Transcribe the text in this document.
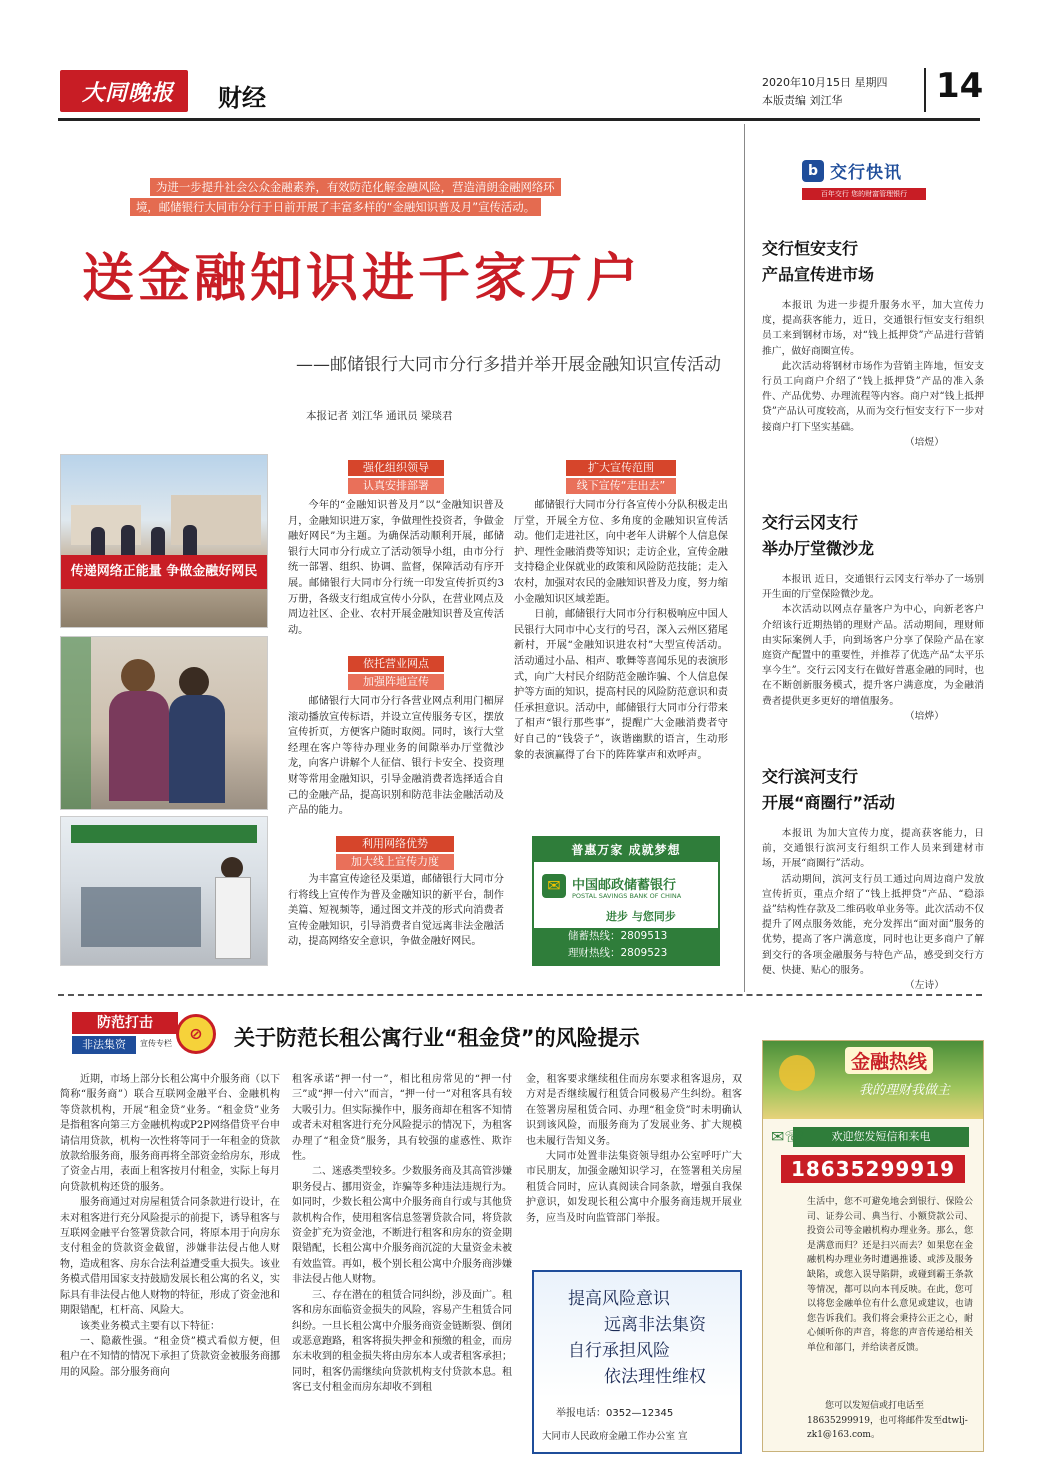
大同晚报 财经
2020年10月15日 星期四
本版责编 刘江华	14
为进一步提升社会公众金融素养，有效防范化解金融风险，营造清朗金融网络环 境，邮储银行大同市分行于日前开展了丰富多样的“金融知识普及月”宣传活动。
送金融知识进千家万户
——邮储银行大同市分行多措并举开展金融知识宣传活动
本报记者 刘江华 通讯员 梁琰君
传递网络正能量 争做金融好网民
强化组织领导
认真安排部署

今年的“金融知识普及月”以“金融知识普及月，金融知识进万家，争做理性投资者，争做金融好网民”为主题。为确保活动顺利开展，邮储银行大同市分行成立了活动领导小组，由市分行统一部署、组织、协调、监督，保障活动有序开展。邮储银行大同市分行统一印发宣传折页约3万册，各级支行组成宣传小分队，在营业网点及周边社区、企业、农村开展金融知识普及宣传活动。

依托营业网点
加强阵地宣传

邮储银行大同市分行各营业网点利用门楣屏滚动播放宣传标语，并设立宣传服务专区，摆放宣传折页，方便客户随时取阅。同时，该行大堂经理在客户等待办理业务的间隙举办厅堂微沙龙，向客户讲解个人征信、银行卡安全、投资理财等常用金融知识，引导金融消费者选择适合自己的金融产品，提高识别和防范非法金融活动及产品的能力。

利用网络优势
加大线上宣传力度

为丰富宣传途径及渠道，邮储银行大同市分行将线上宣传作为普及金融知识的新平台，制作美篇、短视频等，通过图文并茂的形式向消费者宣传金融知识，引导消费者自觉远离非法金融活动，提高网络安全意识，争做金融好网民。

扩大宣传范围
线下宣传“走出去”

邮储银行大同市分行各宣传小分队积极走出厅堂，开展全方位、多角度的金融知识宣传活动。他们走进社区，向中老年人讲解个人信息保护、理性金融消费等知识；走访企业，宣传金融支持稳企业保就业的政策和风险防范技能；走入农村，加强对农民的金融知识普及力度，努力缩小金融知识区域差距。

日前，邮储银行大同市分行积极响应中国人民银行大同市中心支行的号召，深入云州区猪尾新村，开展“金融知识进农村”大型宣传活动。活动通过小品、相声、歌舞等喜闻乐见的表演形式，向广大村民介绍防范金融诈骗、个人信息保护等方面的知识，提高村民的风险防范意识和责任承担意识。活动中，邮储银行大同市分行带来了相声“银行那些事”，提醒广大金融消费者守好自己的“钱袋子”，诙谐幽默的语言，生动形象的表演赢得了台下的阵阵掌声和欢呼声。

普惠万家 成就梦想
✉ 中国邮政储蓄银行
POSTAL SAVINGS BANK OF CHINA
进步 与您同步
储蓄热线：2809513
理财热线：2809523
b 交行快讯
百年交行 您的财富管理银行
交行恒安支行
产品宣传进市场

本报讯 为进一步提升服务水平，加大宣传力度，提高获客能力，近日，交通银行恒安支行组织员工来到钢材市场，对“钱上抵押贷”产品进行营销推广，做好商圈宣传。

此次活动将钢材市场作为营销主阵地，恒安支行员工向商户介绍了“钱上抵押贷”产品的准入条件、产品优势、办理流程等内容。商户对“钱上抵押贷”产品认可度较高，从而为交行恒安支行下一步对接商户打下坚实基础。

（培煜）
交行云冈支行
举办厅堂微沙龙

本报讯 近日，交通银行云冈支行举办了一场别开生面的厅堂保险微沙龙。

本次活动以网点存量客户为中心，向新老客户介绍该行近期热销的理财产品。活动期间，理财师由实际案例人手，向到场客户分享了保险产品在家庭资产配置中的重要性，并推荐了优选产品“太平乐享今生”。交行云冈支行在做好普惠金融的同时，也在不断创新服务模式，提升客户满意度，为金融消费者提供更多更好的增值服务。

（培烨）
交行滨河支行
开展“商圈行”活动

本报讯 为加大宣传力度，提高获客能力，日前，交通银行滨河支行组织工作人员来到建材市场，开展“商圈行”活动。

活动期间，滨河支行员工通过向周边商户发放宣传折页，重点介绍了“钱上抵押贷”产品、“稳添益”结构性存款及二维码收单业务等。此次活动不仅提升了网点服务效能，充分发挥出“面对面”服务的优势，提高了客户满意度，同时也让更多商户了解到交行的各项金融服务与特色产品，感受到交行方便、快捷、贴心的服务。

（左诗）
防范打击
非法集资	宣传专栏
⊘	关于防范长租公寓行业“租金贷”的风险提示

近期，市场上部分长租公寓中介服务商（以下简称“服务商”）联合互联网金融平台、金融机构等贷款机构，开展“租金贷”业务。“租金贷”业务是指租客向第三方金融机构或P2P网络借贷平台申请信用贷款，机构一次性将等同于一年租金的贷款放款给服务商，服务商再将全部资金给房东，形成了资金占用，表面上租客按月付租金，实际上每月向贷款机构还贷的服务。

服务商通过对房屋租赁合同条款进行设计，在未对租客进行充分风险提示的前提下，诱导租客与互联网金融平台签署贷款合同，将原本用于向房东支付租金的贷款资金截留，涉嫌非法侵占他人财物，造成租客、房东合法利益遭受重大损失。该业务模式借用国家支持鼓励发展长租公寓的名义，实际具有非法侵占他人财物的特征，形成了资金池和期限错配，杠杆高、风险大。

该类业务模式主要有以下特征：

一、隐蔽性强。“租金贷”模式看似方便，但租户在不知情的情况下承担了贷款资金被服务商挪用的风险。部分服务商向

租客承诺“押一付一”，相比租房常见的“押一付三”或“押一付六”而言，“押一付一”对租客具有较大吸引力。但实际操作中，服务商却在租客不知情或者未对租客进行充分风险提示的情况下，为租客办理了“租金贷”服务，具有较强的虚惑性、欺诈性。

二、迷惑类型较多。少数服务商及其高管涉嫌职务侵占、挪用资金，诈骗等多种违法违规行为。如同时，少数长租公寓中介服务商自行或与其他贷款机构合作，使用租客信息签署贷款合同，将贷款资金扩充为资金池，不断进行租客和房东的资金期限错配，长租公寓中介服务商沉淀的大量资金未被有效监管。再如，极个别长租公寓中介服务商涉嫌非法侵占他人财物。

三、存在潜在的租赁合同纠纷，涉及面广。租客和房东面临资金损失的风险，容易产生租赁合同纠纷。一旦长租公寓中介服务商资金链断裂、倒闭或恶意跑路，租客将损失押金和预缴的租金，而房东未收到的租金损失将由房东本人或者租客承担；同时，租客仍需继续向贷款机构支付贷款本息。租客已支付租金而房东却收不到租

金，租客要求继续租住而房东要求租客退房，双方对是否继续履行租赁合同极易产生纠纷。租客在签署房屋租赁合同、办理“租金贷”时未明确认识到该风险，而服务商为了发展业务、扩大规模也未履行告知义务。

大同市处置非法集资领导组办公室呼吁广大市民朋友，加强金融知识学习，在签署租关房屋租赁合同时，应认真阅读合同条款，增强自我保护意识，如发现长租公寓中介服务商违规开展业务，应当及时向监管部门举报。

提高风险意识
远离非法集资
自行承担风险
依法理性维权
举报电话：0352—12345
大同市人民政府金融工作办公室 宣
金融热线
我的理财我做主
欢迎您发短信和来电
✉☏
18635299919
生活中，您不可避免地会到银行、保险公司、证券公司、典当行、小额贷款公司、投资公司等金融机构办理业务。那么，您是满意而归？还是扫兴而去？如果您在金融机构办理业务时遭遇推诿、或涉及服务缺陷，或您入误导陷阱，或碰到霸王条款等情况，都可以向本刊反映。在此，您可以将您金融单位有什么意见或建议，也请您告诉我们。我们将会秉持公正之心，耐心倾听你的声音，将您的声音传递给相关单位和部门，并给读者反馈。
您可以发短信或打电话至18635299919，也可将邮件发至dtwlj-zk1@163.com。
